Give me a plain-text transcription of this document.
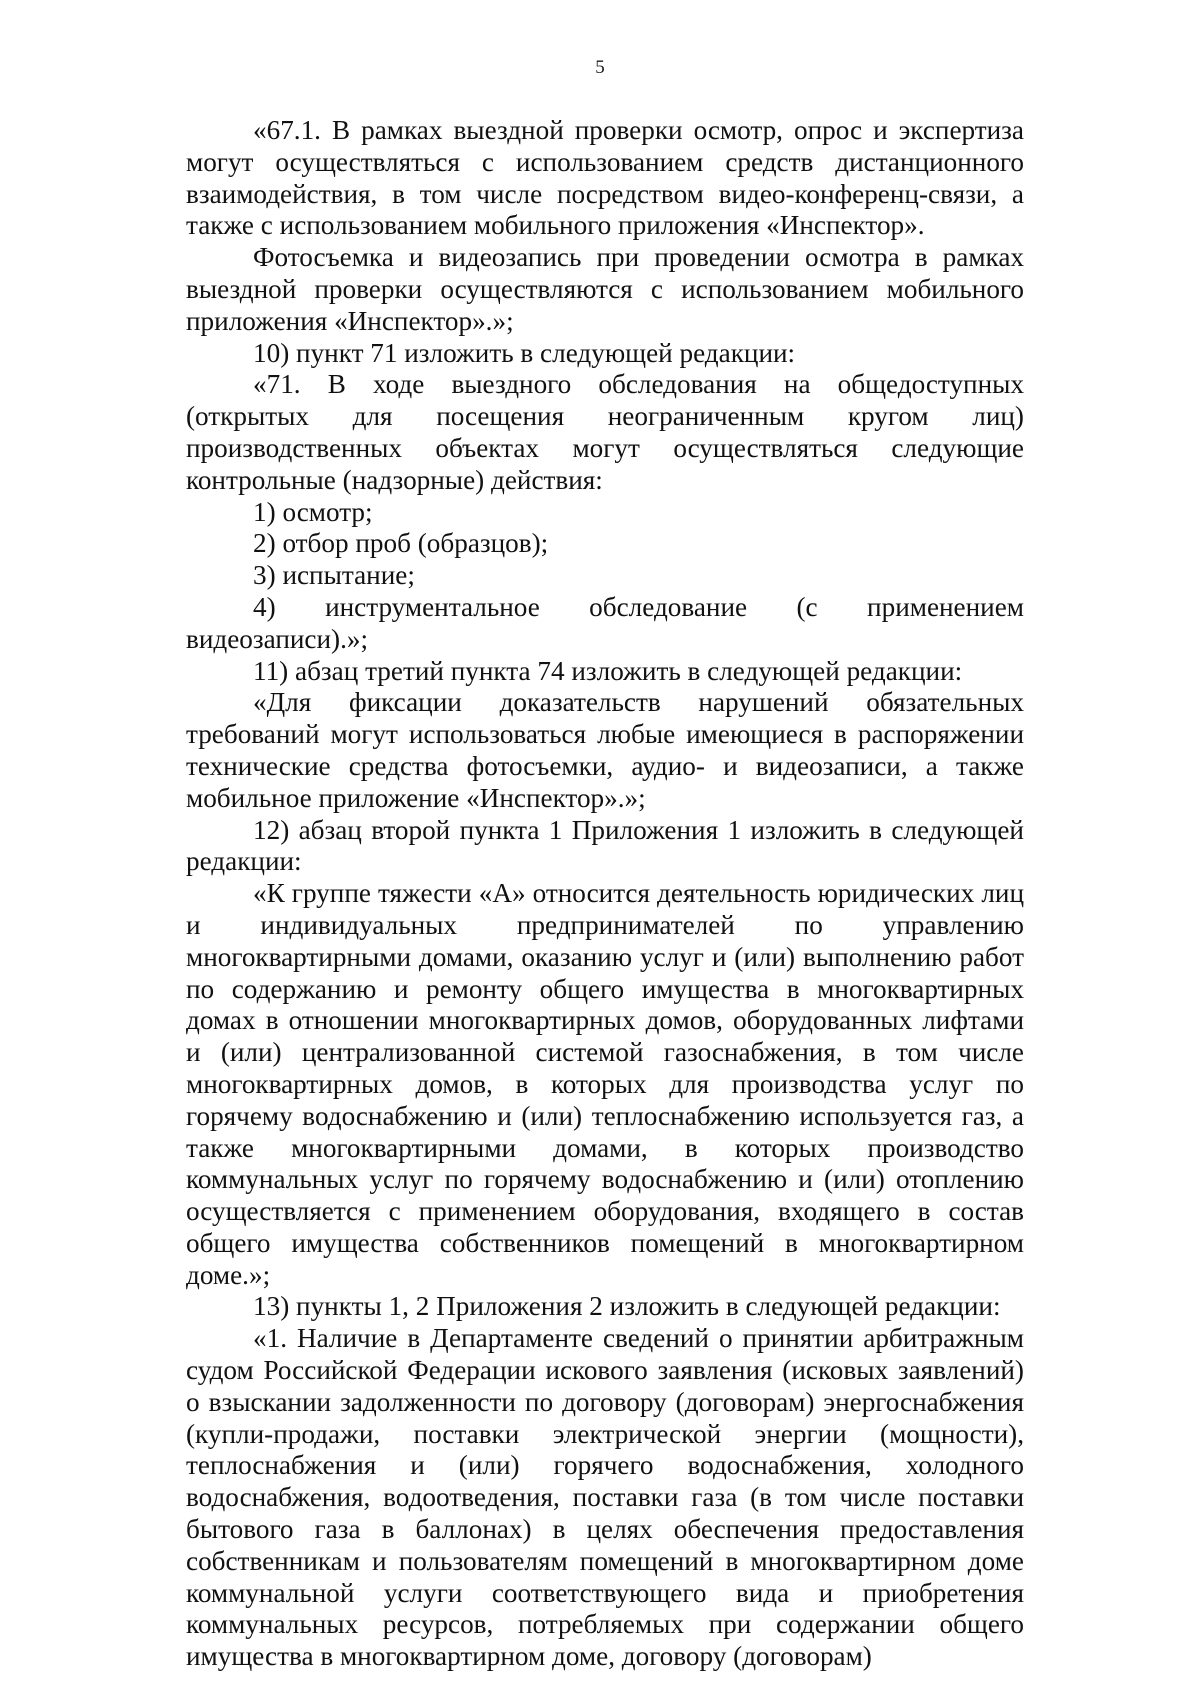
5

«67.1. В рамках выездной проверки осмотр, опрос и экспертиза могут осуществляться с использованием средств дистанционного взаимодействия, в том числе посредством видео-конференц-связи, а также с использованием мобильного приложения «Инспектор».

Фотосъемка и видеозапись при проведении осмотра в рамках выездной проверки осуществляются с использованием мобильного приложения «Инспектор».»;

10) пункт 71 изложить в следующей редакции:

«71. В ходе выездного обследования на общедоступных (открытых для посещения неограниченным кругом лиц) производственных объектах могут осуществляться следующие контрольные (надзорные) действия:

1) осмотр;

2) отбор проб (образцов);

3) испытание;

4) инструментальное обследование (с применением видеозаписи).»;

11) абзац третий пункта 74 изложить в следующей редакции:

«Для фиксации доказательств нарушений обязательных требований могут использоваться любые имеющиеся в распоряжении технические средства фотосъемки, аудио- и видеозаписи, а также мобильное приложение «Инспектор».»;

12) абзац второй пункта 1 Приложения 1 изложить в следующей редакции:

«К группе тяжести «А» относится деятельность юридических лиц и индивидуальных предпринимателей по управлению многоквартирными домами, оказанию услуг и (или) выполнению работ по содержанию и ремонту общего имущества в многоквартирных домах в отношении многоквартирных домов, оборудованных лифтами и (или) централизованной системой газоснабжения, в том числе многоквартирных домов, в которых для производства услуг по горячему водоснабжению и (или) теплоснабжению используется газ, а также многоквартирными домами, в которых производство коммунальных услуг по горячему водоснабжению и (или) отоплению осуществляется с применением оборудования, входящего в состав общего имущества собственников помещений в многоквартирном доме.»;

13) пункты 1, 2 Приложения 2 изложить в следующей редакции:

«1. Наличие в Департаменте сведений о принятии арбитражным судом Российской Федерации искового заявления (исковых заявлений) о взыскании задолженности по договору (договорам) энергоснабжения (купли-продажи, поставки электрической энергии (мощности), теплоснабжения и (или) горячего водоснабжения, холодного водоснабжения, водоотведения, поставки газа (в том числе поставки бытового газа в баллонах) в целях обеспечения предоставления собственникам и пользователям помещений в многоквартирном доме коммунальной услуги соответствующего вида и приобретения коммунальных ресурсов, потребляемых при содержании общего имущества в многоквартирном доме, договору (договорам)
